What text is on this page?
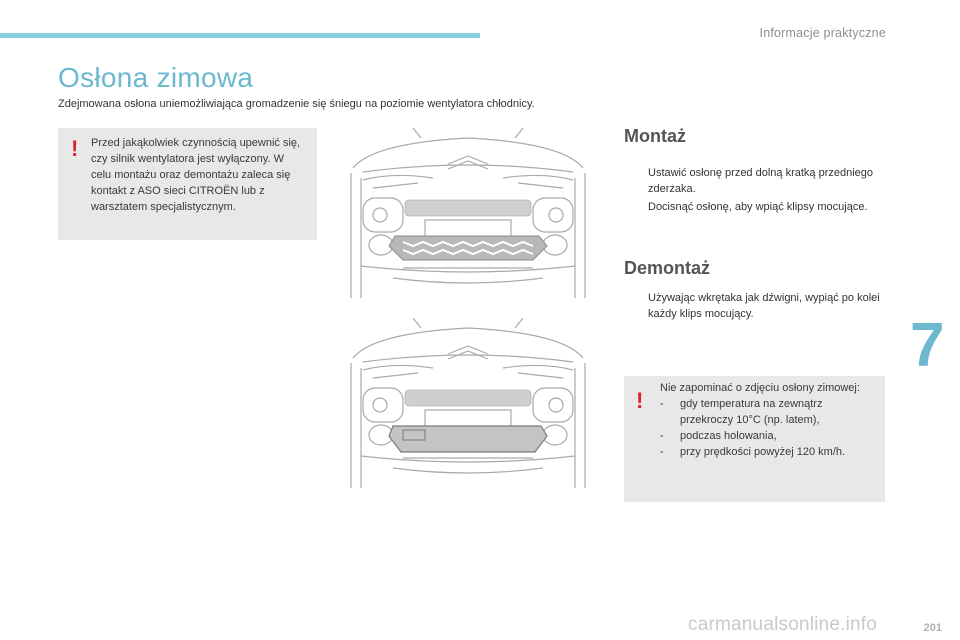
Informacje praktyczne
Osłona zimowa
Zdejmowana osłona uniemożliwiająca gromadzenie się śniegu na poziomie wentylatora chłodnicy.
! Przed jakąkolwiek czynnością upewnić się, czy silnik wentylatora jest wyłączony. W celu montażu oraz demontażu zaleca się kontakt z ASO sieci CITROËN lub z warsztatem specjalistycznym.
Montaż
Ustawić osłonę przed dolną kratką przedniego zderzaka.
Docisnąć osłonę, aby wpiąć klipsy mocujące.
Demontaż
Używając wkrętaka jak dźwigni, wypiąć po kolei każdy klips mocujący.
! Nie zapominać o zdjęciu osłony zimowej:
- gdy temperatura na zewnątrz przekroczy 10°C (np. latem),
- podczas holowania,
- przy prędkości powyżej 120 km/h.
7
carmanualsonline.info	201
